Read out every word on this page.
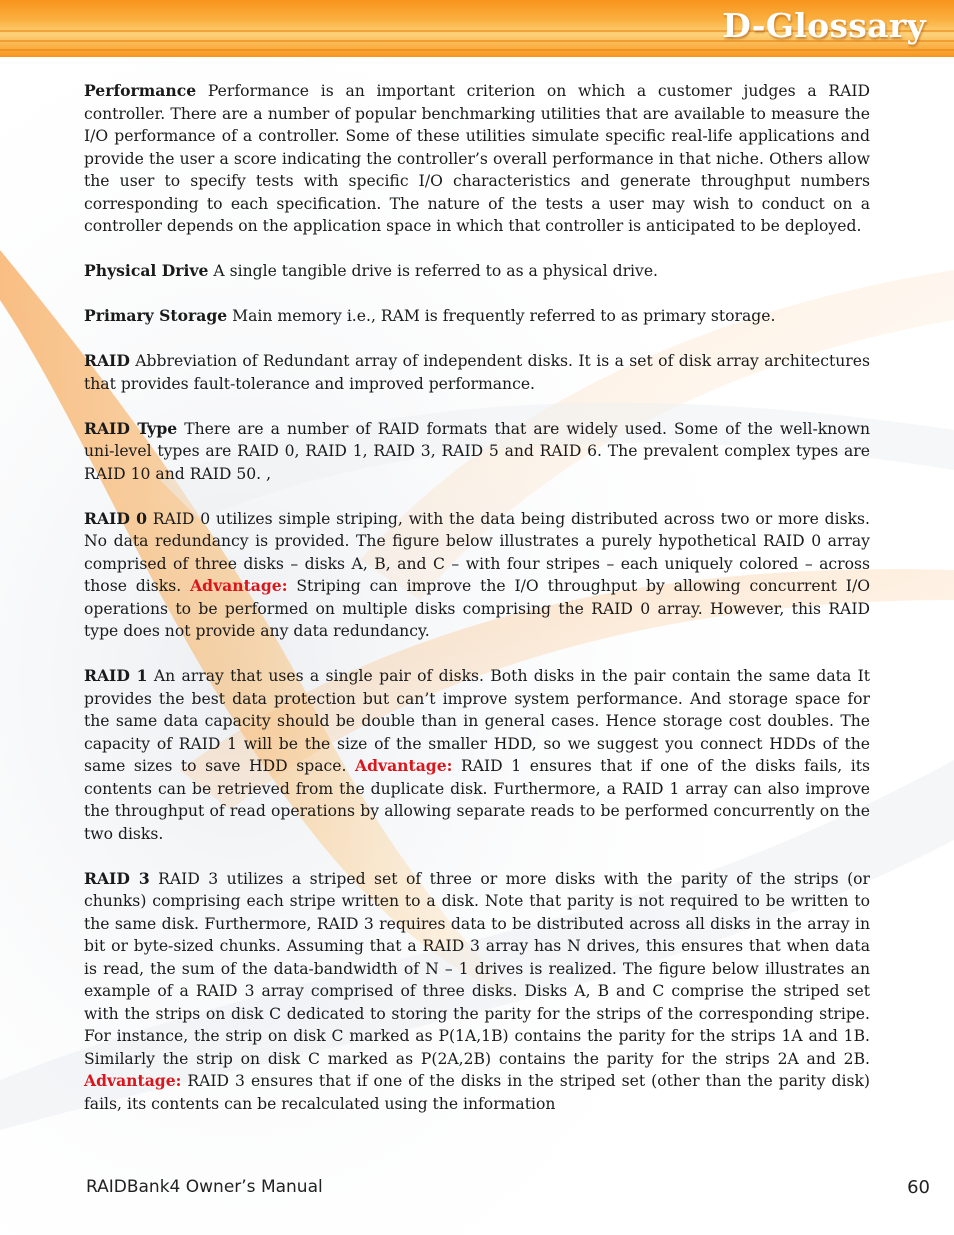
D-Glossary

Performance Performance is an important criterion on which a customer judges a RAID controller. There are a number of popular benchmarking utilities that are available to measure the I/O performance of a controller. Some of these utilities simulate specific real-life applications and provide the user a score indicating the controller’s overall performance in that niche. Others allow the user to specify tests with specific I/O characteristics and generate throughput numbers corresponding to each specification. The nature of the tests a user may wish to conduct on a controller depends on the application space in which that controller is anticipated to be deployed.

Physical Drive A single tangible drive is referred to as a physical drive.

Primary Storage Main memory i.e., RAM is frequently referred to as primary storage.

RAID Abbreviation of Redundant array of independent disks. It is a set of disk array architectures that provides fault-tolerance and improved performance.

RAID Type There are a number of RAID formats that are widely used. Some of the well-known uni-level types are RAID 0, RAID 1, RAID 3, RAID 5 and RAID 6. The prevalent complex types are RAID 10 and RAID 50. ,

RAID 0 RAID 0 utilizes simple striping, with the data being distributed across two or more disks. No data redundancy is provided. The figure below illustrates a purely hypothetical RAID 0 array comprised of three disks – disks A, B, and C – with four stripes – each uniquely colored – across those disks. Advantage: Striping can improve the I/O throughput by allowing concurrent I/O operations to be performed on multiple disks comprising the RAID 0 array. However, this RAID type does not provide any data redundancy.

RAID 1 An array that uses a single pair of disks. Both disks in the pair contain the same data It provides the best data protection but can’t improve system performance. And storage space for the same data capacity should be double than in general cases. Hence storage cost doubles. The capacity of RAID 1 will be the size of the smaller HDD, so we suggest you connect HDDs of the same sizes to save HDD space. Advantage: RAID 1 ensures that if one of the disks fails, its contents can be retrieved from the duplicate disk. Furthermore, a RAID 1 array can also improve the throughput of read operations by allowing separate reads to be performed concurrently on the two disks.

RAID 3 RAID 3 utilizes a striped set of three or more disks with the parity of the strips (or chunks) comprising each stripe written to a disk. Note that parity is not required to be written to the same disk. Furthermore, RAID 3 requires data to be distributed across all disks in the array in bit or byte-sized chunks. Assuming that a RAID 3 array has N drives, this ensures that when data is read, the sum of the data-bandwidth of N – 1 drives is realized. The figure below illustrates an example of a RAID 3 array comprised of three disks. Disks A, B and C comprise the striped set with the strips on disk C dedicated to storing the parity for the strips of the corresponding stripe. For instance, the strip on disk C marked as P(1A,1B) contains the parity for the strips 1A and 1B. Similarly the strip on disk C marked as P(2A,2B) contains the parity for the strips 2A and 2B. Advantage: RAID 3 ensures that if one of the disks in the striped set (other than the parity disk) fails, its contents can be recalculated using the information

RAIDBank4 Owner’s Manual	60
